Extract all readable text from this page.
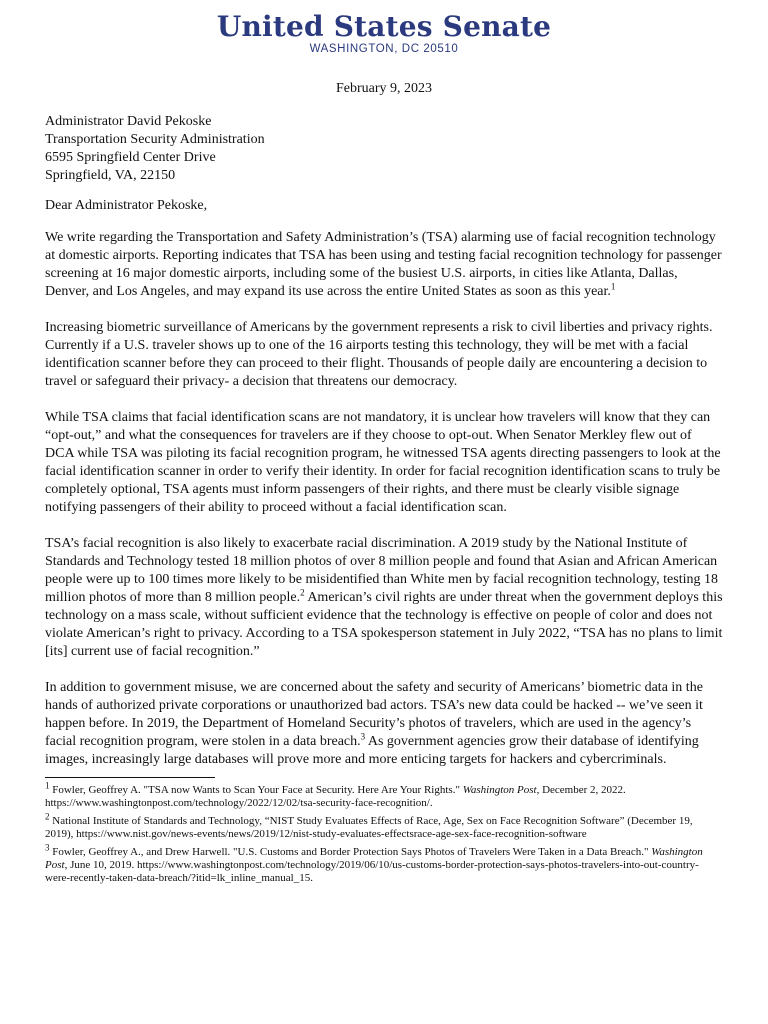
United States Senate
WASHINGTON, DC 20510
February 9, 2023
Administrator David Pekoske
Transportation Security Administration
6595 Springfield Center Drive
Springfield, VA, 22150
Dear Administrator Pekoske,

We write regarding the Transportation and Safety Administration’s (TSA) alarming use of facial recognition technology at domestic airports. Reporting indicates that TSA has been using and testing facial recognition technology for passenger screening at 16 major domestic airports, including some of the busiest U.S. airports, in cities like Atlanta, Dallas, Denver, and Los Angeles, and may expand its use across the entire United States as soon as this year.$^1$

Increasing biometric surveillance of Americans by the government represents a risk to civil liberties and privacy rights. Currently if a U.S. traveler shows up to one of the 16 airports testing this technology, they will be met with a facial identification scanner before they can proceed to their flight. Thousands of people daily are encountering a decision to travel or safeguard their privacy- a decision that threatens our democracy.

While TSA claims that facial identification scans are not mandatory, it is unclear how travelers will know that they can “opt-out,” and what the consequences for travelers are if they choose to opt-out. When Senator Merkley flew out of DCA while TSA was piloting its facial recognition program, he witnessed TSA agents directing passengers to look at the facial identification scanner in order to verify their identity. In order for facial recognition identification scans to truly be completely optional, TSA agents must inform passengers of their rights, and there must be clearly visible signage notifying passengers of their ability to proceed without a facial identification scan.

TSA’s facial recognition is also likely to exacerbate racial discrimination. A 2019 study by the National Institute of Standards and Technology tested 18 million photos of over 8 million people and found that Asian and African American people were up to 100 times more likely to be misidentified than White men by facial recognition technology, testing 18 million photos of more than 8 million people.$^2$ American’s civil rights are under threat when the government deploys this technology on a mass scale, without sufficient evidence that the technology is effective on people of color and does not violate American’s right to privacy. According to a TSA spokesperson statement in July 2022, “TSA has no plans to limit [its] current use of facial recognition.”

In addition to government misuse, we are concerned about the safety and security of Americans’ biometric data in the hands of authorized private corporations or unauthorized bad actors. TSA’s new data could be hacked -- we’ve seen it happen before. In 2019, the Department of Homeland Security’s photos of travelers, which are used in the agency’s facial recognition program, were stolen in a data breach.$^3$ As government agencies grow their database of identifying images, increasingly large databases will prove more and more enticing targets for hackers and cybercriminals.

$^1$ Fowler, Geoffrey A. "TSA now Wants to Scan Your Face at Security. Here Are Your Rights." Washington Post, December 2, 2022. https://www.washingtonpost.com/technology/2022/12/02/tsa-security-face-recognition/.
$^2$ National Institute of Standards and Technology, “NIST Study Evaluates Effects of Race, Age, Sex on Face Recognition Software” (December 19, 2019), https://www.nist.gov/news-events/news/2019/12/nist-study-evaluates-effectsrace-age-sex-face-recognition-software
$^3$ Fowler, Geoffrey A., and Drew Harwell. "U.S. Customs and Border Protection Says Photos of Travelers Were Taken in a Data Breach." Washington Post, June 10, 2019. https://www.washingtonpost.com/technology/2019/06/10/us-customs-border-protection-says-photos-travelers-into-out-country-were-recently-taken-data-breach/?itid=lk_inline_manual_15.
